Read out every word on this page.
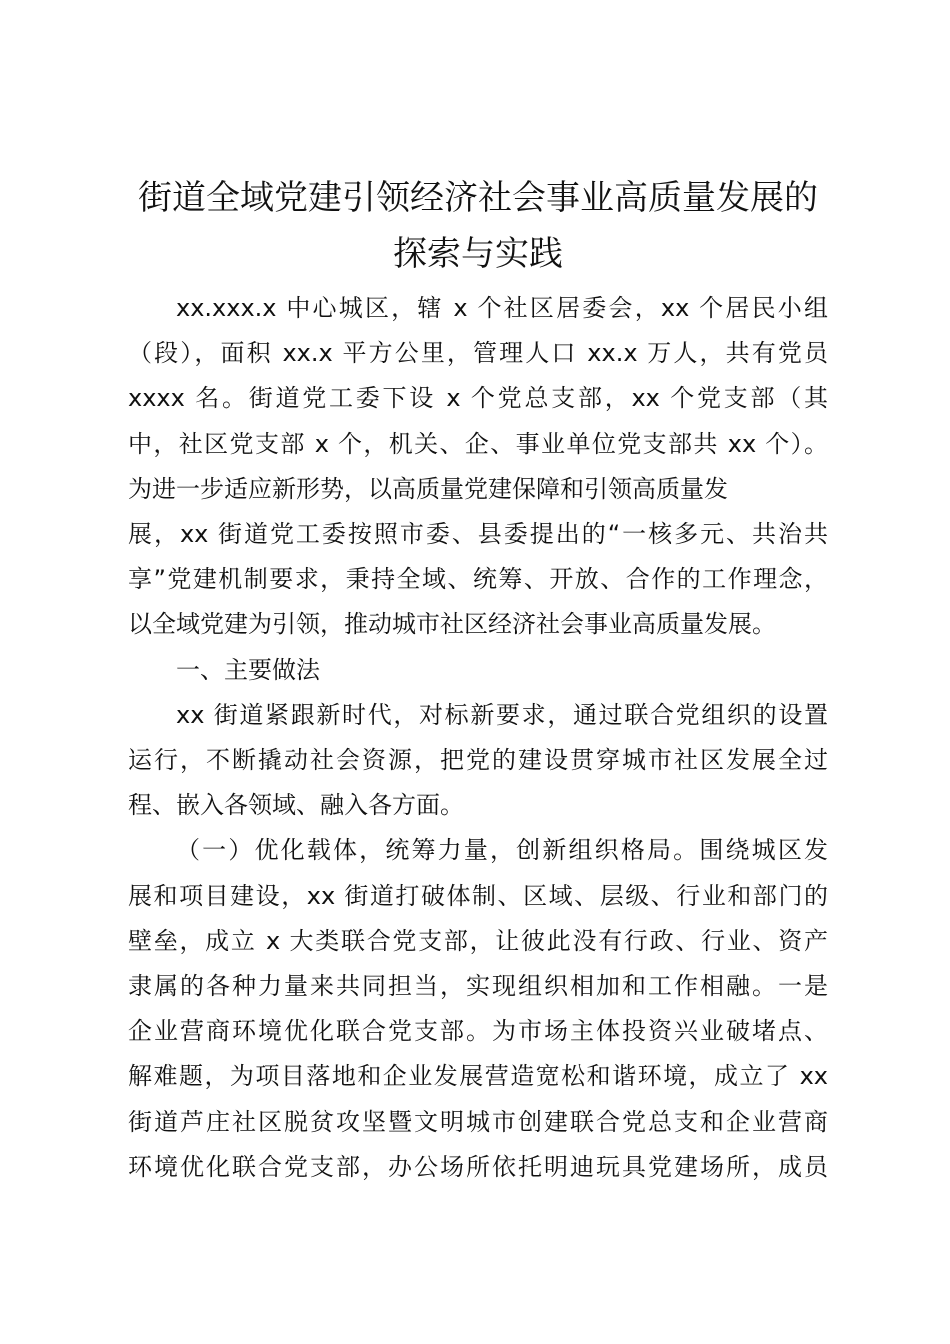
街道全域党建引领经济社会事业高质量发展的
探索与实践

xx.xxx.x 中心城区，辖 x 个社区居委会，xx 个居民小组
（段），面积 xx.x 平方公里，管理人口 xx.x 万人，共有党员
xxxx 名。街道党工委下设 x 个党总支部，xx 个党支部（其
中，社区党支部 x 个，机关、企、事业单位党支部共 xx 个）。
为进一步适应新形势，以高质量党建保障和引领高质量发
展，xx 街道党工委按照市委、县委提出的“一核多元、共治共
享”党建机制要求，秉持全域、统筹、开放、合作的工作理念，
以全域党建为引领，推动城市社区经济社会事业高质量发展。

一、主要做法

xx 街道紧跟新时代，对标新要求，通过联合党组织的设置
运行，不断撬动社会资源，把党的建设贯穿城市社区发展全过
程、嵌入各领域、融入各方面。

（一）优化载体，统筹力量，创新组织格局。围绕城区发
展和项目建设，xx 街道打破体制、区域、层级、行业和部门的
壁垒，成立 x 大类联合党支部，让彼此没有行政、行业、资产
隶属的各种力量来共同担当，实现组织相加和工作相融。一是
企业营商环境优化联合党支部。为市场主体投资兴业破堵点、
解难题，为项目落地和企业发展营造宽松和谐环境，成立了 xx
街道芦庄社区脱贫攻坚暨文明城市创建联合党总支和企业营商
环境优化联合党支部，办公场所依托明迪玩具党建场所，成员
